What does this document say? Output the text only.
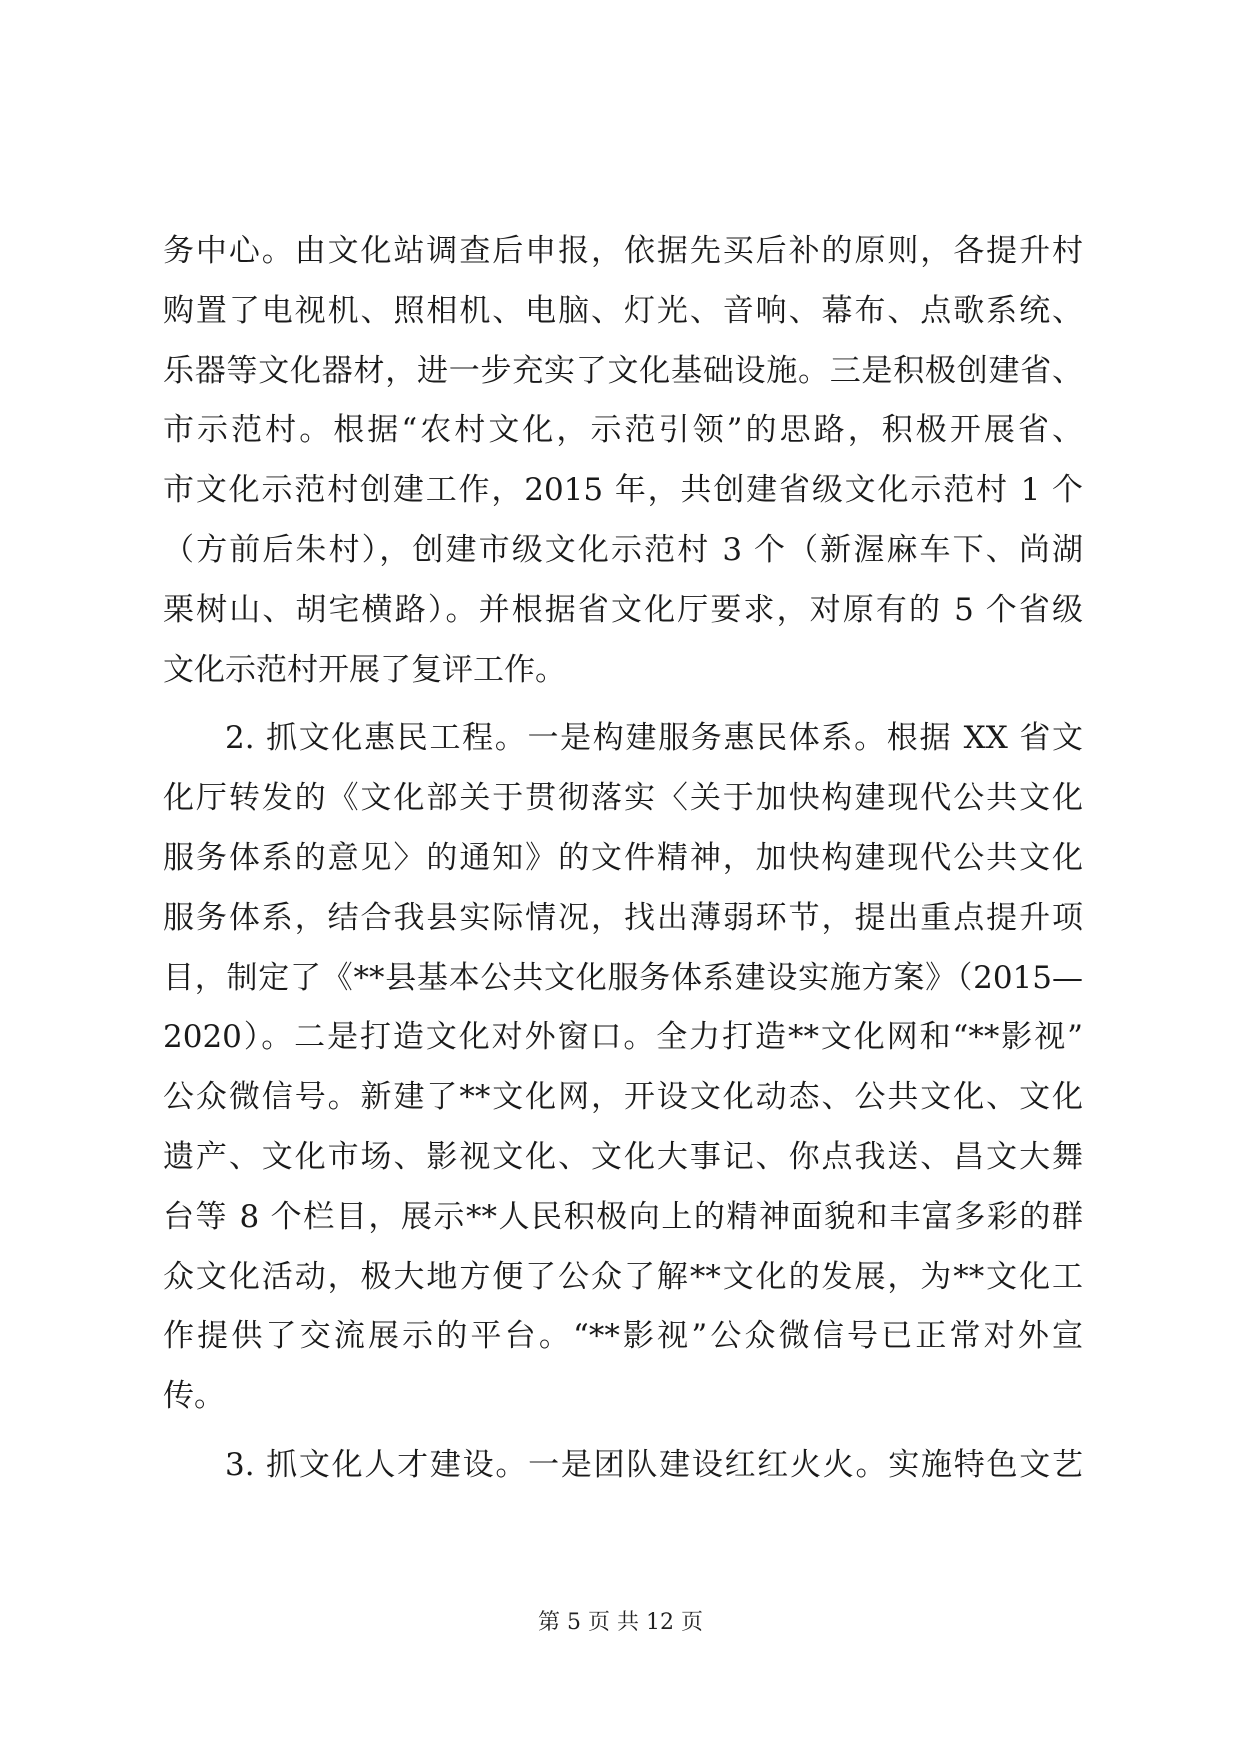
务中心。由文化站调查后申报，依据先买后补的原则，各提升村
购置了电视机、照相机、电脑、灯光、音响、幕布、点歌系统、
乐器等文化器材，进一步充实了文化基础设施。三是积极创建省、
市示范村。根据“农村文化，示范引领”的思路，积极开展省、
市文化示范村创建工作，2015 年，共创建省级文化示范村 1 个
（方前后朱村），创建市级文化示范村 3 个（新渥麻车下、尚湖
栗树山、胡宅横路）。并根据省文化厅要求，对原有的 5 个省级
文化示范村开展了复评工作。
2. 抓文化惠民工程。一是构建服务惠民体系。根据 XX 省文
化厅转发的《文化部关于贯彻落实〈关于加快构建现代公共文化
服务体系的意见〉的通知》的文件精神，加快构建现代公共文化
服务体系，结合我县实际情况，找出薄弱环节，提出重点提升项
目，制定了《**县基本公共文化服务体系建设实施方案》（2015—
2020）。二是打造文化对外窗口。全力打造**文化网和“**影视”
公众微信号。新建了**文化网，开设文化动态、公共文化、文化
遗产、文化市场、影视文化、文化大事记、你点我送、昌文大舞
台等 8 个栏目，展示**人民积极向上的精神面貌和丰富多彩的群
众文化活动，极大地方便了公众了解**文化的发展，为**文化工
作提供了交流展示的平台。“**影视”公众微信号已正常对外宣
传。
3. 抓文化人才建设。一是团队建设红红火火。实施特色文艺
第 5 页 共 12 页
